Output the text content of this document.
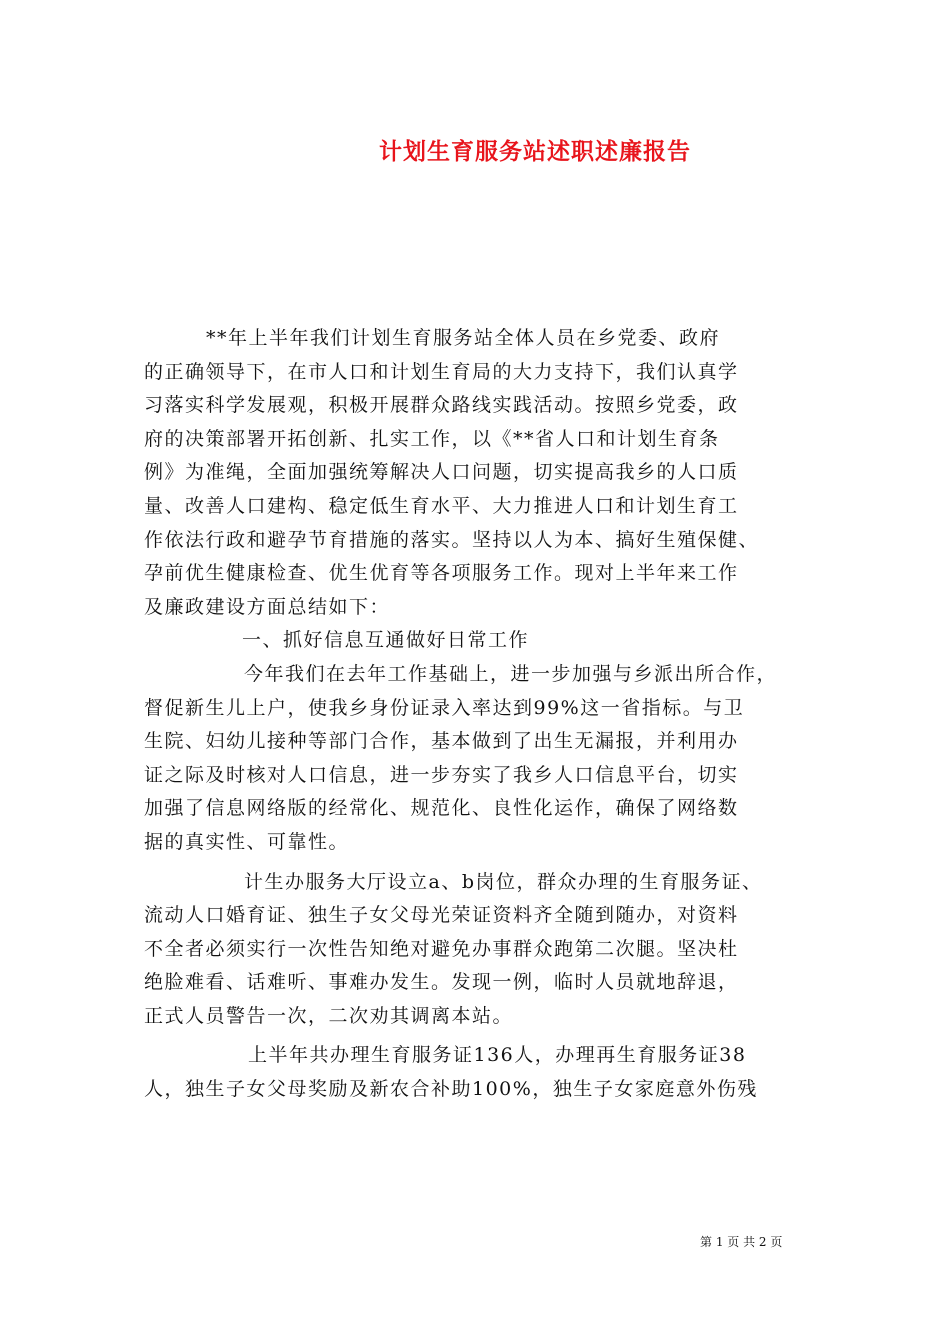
计划生育服务站述职述廉报告
**年上半年我们计划生育服务站全体人员在乡党委、政府
的正确领导下，在市人口和计划生育局的大力支持下，我们认真学
习落实科学发展观，积极开展群众路线实践活动。按照乡党委，政
府的决策部署开拓创新、扎实工作，以《**省人口和计划生育条
例》为准绳，全面加强统筹解决人口问题，切实提高我乡的人口质
量、改善人口建构、稳定低生育水平、大力推进人口和计划生育工
作依法行政和避孕节育措施的落实。坚持以人为本、搞好生殖保健、
孕前优生健康检查、优生优育等各项服务工作。现对上半年来工作
及廉政建设方面总结如下：
一、抓好信息互通做好日常工作
今年我们在去年工作基础上，进一步加强与乡派出所合作，
督促新生儿上户，使我乡身份证录入率达到99%这一省指标。与卫
生院、妇幼儿接种等部门合作，基本做到了出生无漏报，并利用办
证之际及时核对人口信息，进一步夯实了我乡人口信息平台，切实
加强了信息网络版的经常化、规范化、良性化运作，确保了网络数
据的真实性、可靠性。
计生办服务大厅设立a、b岗位，群众办理的生育服务证、
流动人口婚育证、独生子女父母光荣证资料齐全随到随办，对资料
不全者必须实行一次性告知绝对避免办事群众跑第二次腿。坚决杜
绝脸难看、话难听、事难办发生。发现一例，临时人员就地辞退，
正式人员警告一次，二次劝其调离本站。
上半年共办理生育服务证136人，办理再生育服务证38
人，独生子女父母奖励及新农合补助100%，独生子女家庭意外伤残
第 1 页 共 2 页
